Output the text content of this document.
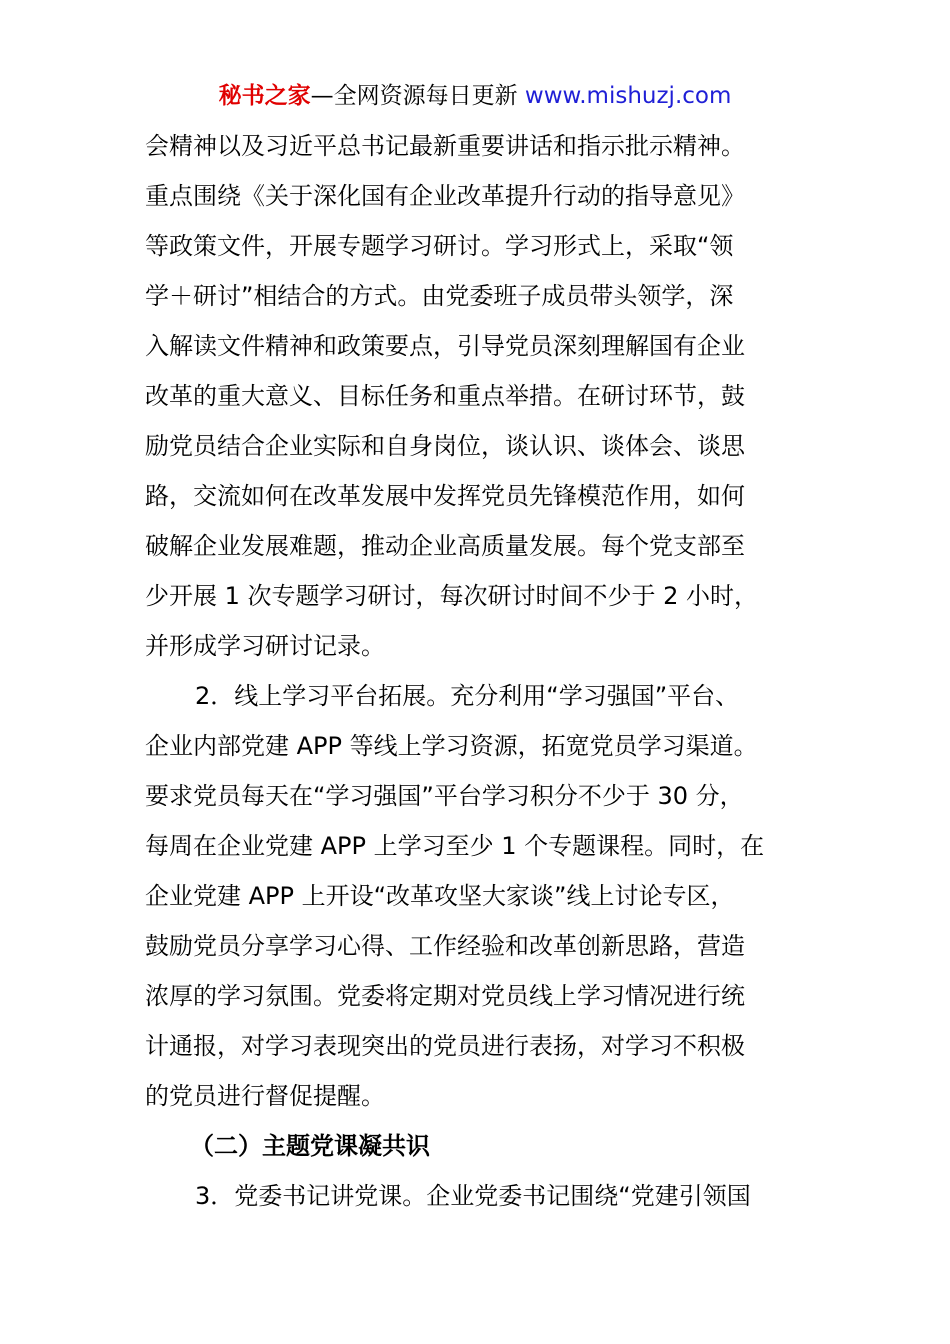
秘书之家—全网资源每日更新 www.mishuzj.com
会精神以及习近平总书记最新重要讲话和指示批示精神。
重点围绕《关于深化国有企业改革提升行动的指导意见》
等政策文件，开展专题学习研讨。学习形式上，采取“领
学＋研讨”相结合的方式。由党委班子成员带头领学，深
入解读文件精神和政策要点，引导党员深刻理解国有企业
改革的重大意义、目标任务和重点举措。在研讨环节，鼓
励党员结合企业实际和自身岗位，谈认识、谈体会、谈思
路，交流如何在改革发展中发挥党员先锋模范作用，如何
破解企业发展难题，推动企业高质量发展。每个党支部至
少开展 1 次专题学习研讨，每次研讨时间不少于 2 小时，
并形成学习研讨记录。
2．线上学习平台拓展。充分利用“学习强国”平台、
企业内部党建 APP 等线上学习资源，拓宽党员学习渠道。
要求党员每天在“学习强国”平台学习积分不少于 30 分，
每周在企业党建 APP 上学习至少 1 个专题课程。同时，在
企业党建 APP 上开设“改革攻坚大家谈”线上讨论专区，
鼓励党员分享学习心得、工作经验和改革创新思路，营造
浓厚的学习氛围。党委将定期对党员线上学习情况进行统
计通报，对学习表现突出的党员进行表扬，对学习不积极
的党员进行督促提醒。
（二）主题党课凝共识
3．党委书记讲党课。企业党委书记围绕“党建引领国
